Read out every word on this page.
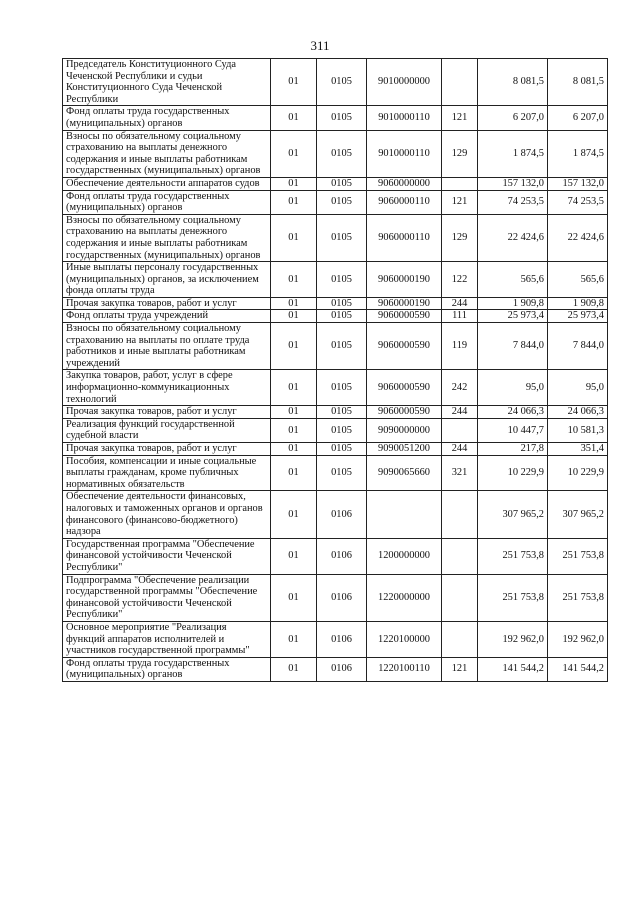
311
Председатель Конституционного Суда Чеченской Республики и судьи Конституционного Суда Чеченской Республики	01	0105	9010000000		8 081,5	8 081,5
Фонд оплаты труда государственных (муниципальных) органов	01	0105	9010000110	121	6 207,0	6 207,0
Взносы по обязательному социальному страхованию на выплаты денежного содержания и иные выплаты работникам государственных (муниципальных) органов	01	0105	9010000110	129	1 874,5	1 874,5
Обеспечение деятельности аппаратов судов	01	0105	9060000000		157 132,0	157 132,0
Фонд оплаты труда государственных (муниципальных) органов	01	0105	9060000110	121	74 253,5	74 253,5
Взносы по обязательному социальному страхованию на выплаты денежного содержания и иные выплаты работникам государственных (муниципальных) органов	01	0105	9060000110	129	22 424,6	22 424,6
Иные выплаты персоналу государственных (муниципальных) органов, за исключением фонда оплаты труда	01	0105	9060000190	122	565,6	565,6
Прочая закупка товаров, работ и услуг	01	0105	9060000190	244	1 909,8	1 909,8
Фонд оплаты труда учреждений	01	0105	9060000590	111	25 973,4	25 973,4
Взносы по обязательному социальному страхованию на выплаты по оплате труда работников и иные выплаты работникам учреждений	01	0105	9060000590	119	7 844,0	7 844,0
Закупка товаров, работ, услуг в сфере информационно-коммуникационных технологий	01	0105	9060000590	242	95,0	95,0
Прочая закупка товаров, работ и услуг	01	0105	9060000590	244	24 066,3	24 066,3
Реализация функций государственной судебной власти	01	0105	9090000000		10 447,7	10 581,3
Прочая закупка товаров, работ и услуг	01	0105	9090051200	244	217,8	351,4
Пособия, компенсации и иные социальные выплаты гражданам, кроме публичных нормативных обязательств	01	0105	9090065660	321	10 229,9	10 229,9
Обеспечение деятельности финансовых, налоговых и таможенных органов и органов финансового (финансово-бюджетного) надзора	01	0106			307 965,2	307 965,2
Государственная программа "Обеспечение финансовой устойчивости Чеченской Республики"	01	0106	1200000000		251 753,8	251 753,8
Подпрограмма "Обеспечение реализации государственной программы "Обеспечение финансовой устойчивости Чеченской Республики"	01	0106	1220000000		251 753,8	251 753,8
Основное мероприятие "Реализация функций аппаратов исполнителей и участников государственной программы"	01	0106	1220100000		192 962,0	192 962,0
Фонд оплаты труда государственных (муниципальных) органов	01	0106	1220100110	121	141 544,2	141 544,2
